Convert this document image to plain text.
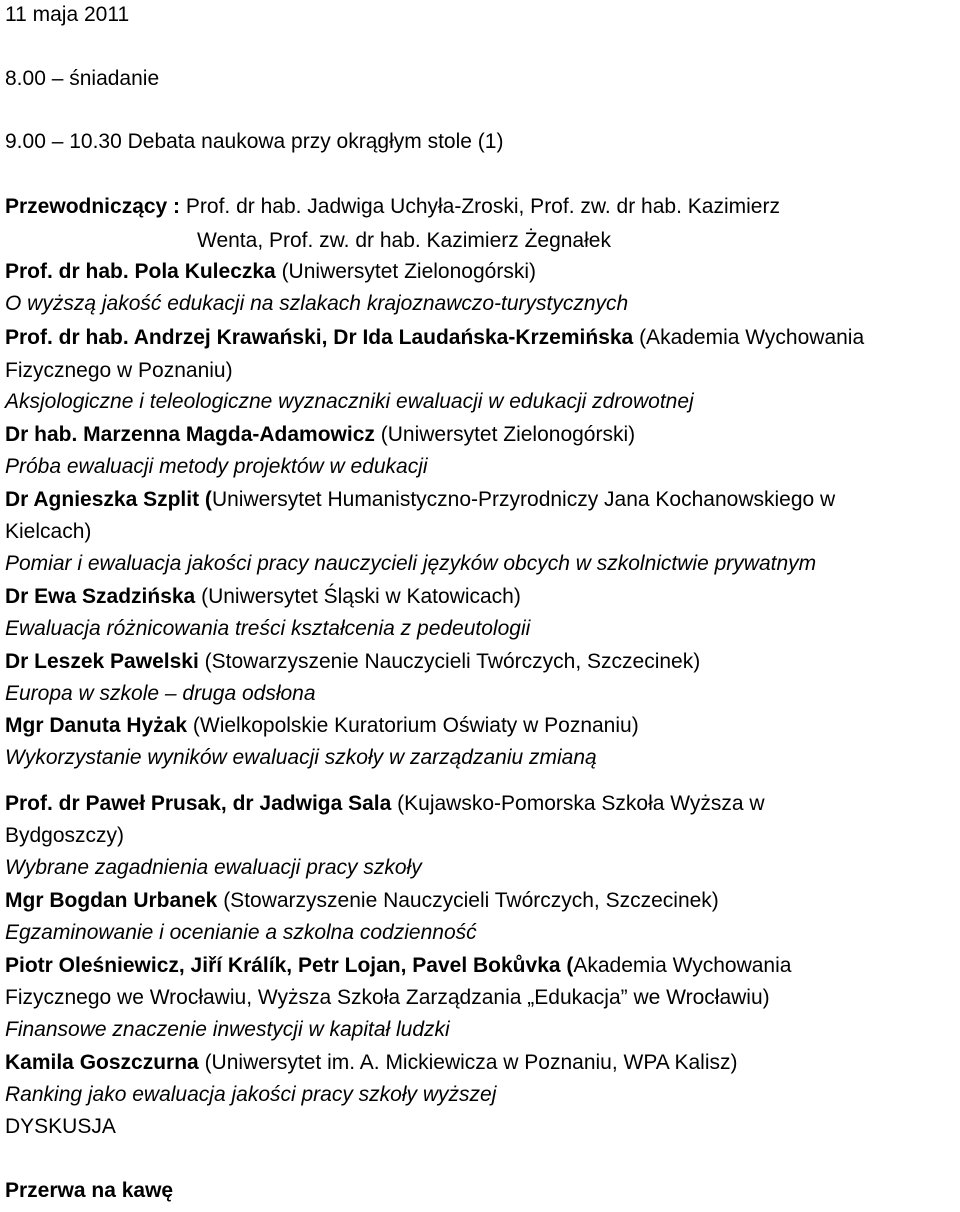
11 maja 2011
8.00 – śniadanie
9.00 – 10.30 Debata naukowa przy okrągłym stole (1)
Przewodniczący : Prof. dr hab. Jadwiga Uchyła-Zroski, Prof. zw. dr hab. Kazimierz
Wenta, Prof. zw. dr hab. Kazimierz Żegnałek
Prof. dr hab. Pola Kuleczka (Uniwersytet Zielonogórski)
O wyższą jakość edukacji na szlakach krajoznawczo-turystycznych
Prof. dr hab. Andrzej Krawański, Dr Ida Laudańska-Krzemińska (Akademia Wychowania
Fizycznego w Poznaniu)
Aksjologiczne i teleologiczne wyznaczniki ewaluacji w edukacji zdrowotnej
Dr hab. Marzenna Magda-Adamowicz (Uniwersytet Zielonogórski)
Próba ewaluacji metody projektów w edukacji
Dr Agnieszka Szplit (Uniwersytet Humanistyczno-Przyrodniczy Jana Kochanowskiego w
Kielcach)
Pomiar i ewaluacja jakości pracy nauczycieli języków obcych w szkolnictwie prywatnym
Dr Ewa Szadzińska (Uniwersytet Śląski w Katowicach)
Ewaluacja różnicowania treści kształcenia z pedeutologii
Dr Leszek Pawelski (Stowarzyszenie Nauczycieli Twórczych, Szczecinek)
Europa w szkole – druga odsłona
Mgr Danuta Hyżak (Wielkopolskie Kuratorium Oświaty w Poznaniu)
Wykorzystanie wyników ewaluacji szkoły w zarządzaniu zmianą
Prof. dr Paweł Prusak, dr Jadwiga Sala (Kujawsko-Pomorska Szkoła Wyższa w
Bydgoszczy)
Wybrane zagadnienia ewaluacji pracy szkoły
Mgr Bogdan Urbanek (Stowarzyszenie Nauczycieli Twórczych, Szczecinek)
Egzaminowanie i ocenianie a szkolna codzienność
Piotr Oleśniewicz, Jiří Králík, Petr Lojan, Pavel Bokůvka (Akademia Wychowania
Fizycznego we Wrocławiu, Wyższa Szkoła Zarządzania „Edukacja” we Wrocławiu)
Finansowe znaczenie inwestycji w kapitał ludzki
Kamila Goszczurna (Uniwersytet im. A. Mickiewicza w Poznaniu, WPA Kalisz)
Ranking jako ewaluacja jakości pracy szkoły wyższej
DYSKUSJA
Przerwa na kawę
